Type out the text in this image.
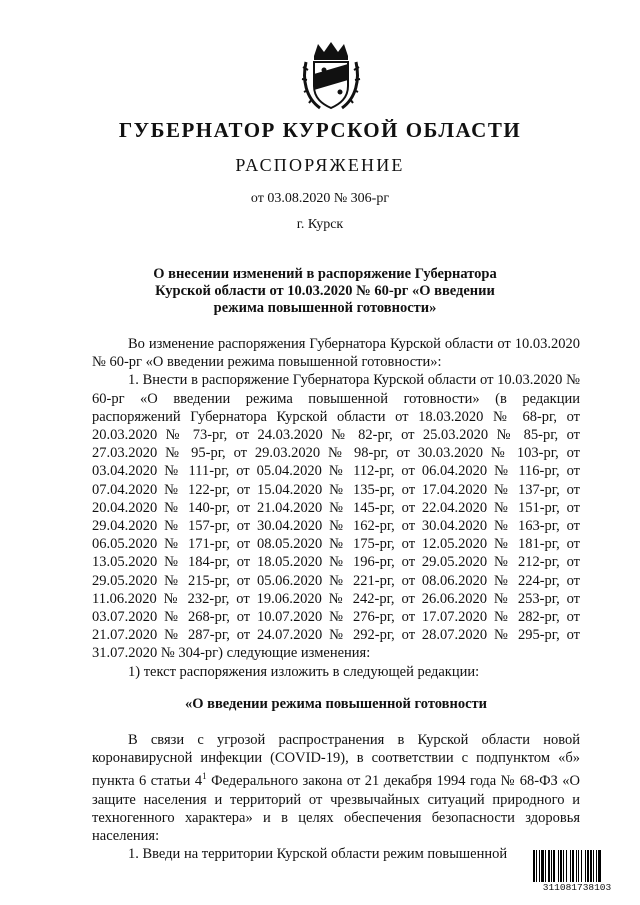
ГУБЕРНАТОР КУРСКОЙ ОБЛАСТИ
РАСПОРЯЖЕНИЕ
от 03.08.2020 № 306-рг
г. Курск
О внесении изменений в распоряжение Губернатора Курской области от 10.03.2020 № 60-рг «О введении режима повышенной готовности»

Во изменение распоряжения Губернатора Курской области от 10.03.2020 № 60-рг «О введении режима повышенной готовности»:

1. Внести в распоряжение Губернатора Курской области от 10.03.2020 № 60-рг «О введении режима повышенной готовности» (в редакции распоряжений Губернатора Курской области от 18.03.2020 № 68-рг, от 20.03.2020 № 73-рг, от 24.03.2020 № 82-рг, от 25.03.2020 № 85-рг, от 27.03.2020 № 95-рг, от 29.03.2020 № 98-рг, от 30.03.2020 № 103-рг, от 03.04.2020 № 111-рг, от 05.04.2020 № 112-рг, от 06.04.2020 № 116-рг, от 07.04.2020 № 122-рг, от 15.04.2020 № 135-рг, от 17.04.2020 № 137-рг, от 20.04.2020 № 140-рг, от 21.04.2020 № 145-рг, от 22.04.2020 № 151-рг, от 29.04.2020 № 157-рг, от 30.04.2020 № 162-рг, от 30.04.2020 № 163-рг, от 06.05.2020 № 171-рг, от 08.05.2020 № 175-рг, от 12.05.2020 № 181-рг, от 13.05.2020 № 184-рг, от 18.05.2020 № 196-рг, от 29.05.2020 № 212-рг, от 29.05.2020 № 215-рг, от 05.06.2020 № 221-рг, от 08.06.2020 № 224-рг, от 11.06.2020 № 232-рг, от 19.06.2020 № 242-рг, от 26.06.2020 № 253-рг, от 03.07.2020 № 268-рг, от 10.07.2020 № 276-рг, от 17.07.2020 № 282-рг, от 21.07.2020 № 287-рг, от 24.07.2020 № 292-рг, от 28.07.2020 № 295-рг, от 31.07.2020 № 304-рг) следующие изменения:

1) текст распоряжения изложить в следующей редакции:

«О введении режима повышенной готовности

В связи с угрозой распространения в Курской области новой коронавирусной инфекции (COVID-19), в соответствии с подпунктом «б» пункта 6 статьи $4^1$ Федерального закона от 21 декабря 1994 года № 68-ФЗ «О защите населения и территорий от чрезвычайных ситуаций природного и техногенного характера» и в целях обеспечения безопасности здоровья населения:

1. Введи на территории Курской области режим повышенной

311081738103
